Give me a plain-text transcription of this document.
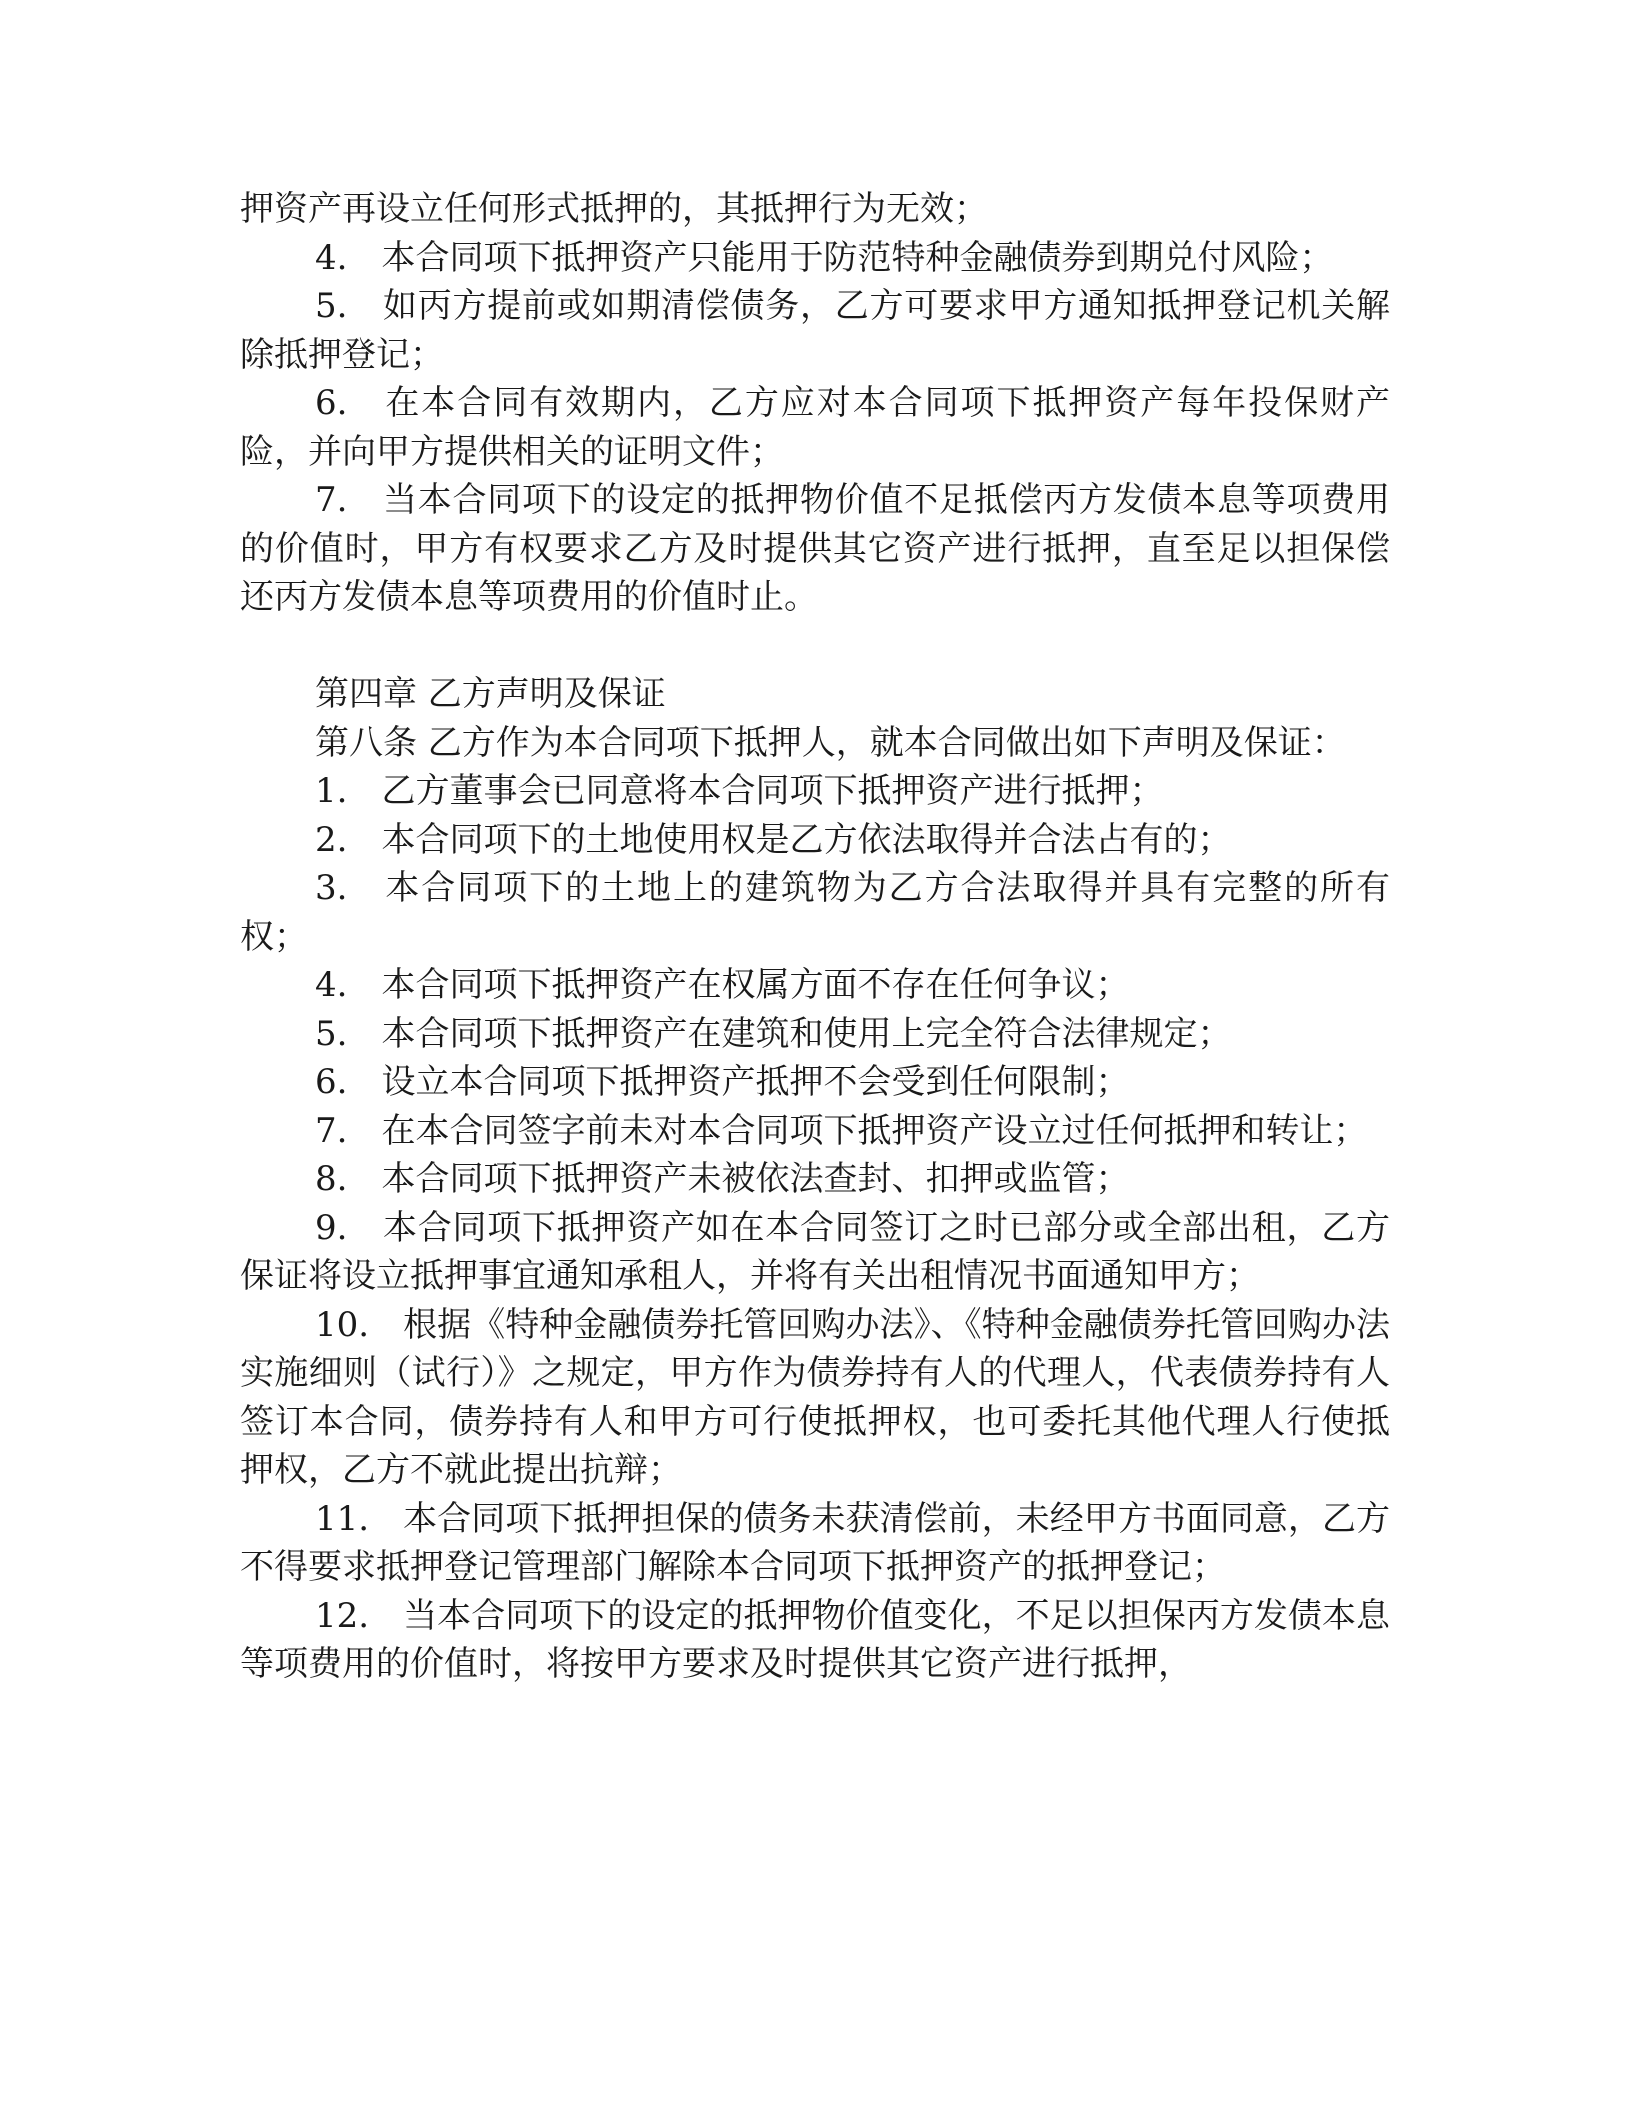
押资产再设立任何形式抵押的，其抵押行为无效；

4.　本合同项下抵押资产只能用于防范特种金融债券到期兑付风险；

5.　如丙方提前或如期清偿债务，乙方可要求甲方通知抵押登记机关解除抵押登记；

6.　在本合同有效期内，乙方应对本合同项下抵押资产每年投保财产险，并向甲方提供相关的证明文件；

7.　当本合同项下的设定的抵押物价值不足抵偿丙方发债本息等项费用的价值时，甲方有权要求乙方及时提供其它资产进行抵押，直至足以担保偿还丙方发债本息等项费用的价值时止。

第四章 乙方声明及保证

第八条 乙方作为本合同项下抵押人，就本合同做出如下声明及保证：

1.　乙方董事会已同意将本合同项下抵押资产进行抵押；

2.　本合同项下的土地使用权是乙方依法取得并合法占有的；

3.　本合同项下的土地上的建筑物为乙方合法取得并具有完整的所有权；

4.　本合同项下抵押资产在权属方面不存在任何争议；

5.　本合同项下抵押资产在建筑和使用上完全符合法律规定；

6.　设立本合同项下抵押资产抵押不会受到任何限制；

7.　在本合同签字前未对本合同项下抵押资产设立过任何抵押和转让；

8.　本合同项下抵押资产未被依法查封、扣押或监管；

9.　本合同项下抵押资产如在本合同签订之时已部分或全部出租，乙方保证将设立抵押事宜通知承租人，并将有关出租情况书面通知甲方；

10.　根据《特种金融债券托管回购办法》、《特种金融债券托管回购办法实施细则（试行）》之规定，甲方作为债券持有人的代理人，代表债券持有人签订本合同，债券持有人和甲方可行使抵押权，也可委托其他代理人行使抵押权，乙方不就此提出抗辩；

11.　本合同项下抵押担保的债务未获清偿前，未经甲方书面同意，乙方不得要求抵押登记管理部门解除本合同项下抵押资产的抵押登记；

12.　当本合同项下的设定的抵押物价值变化，不足以担保丙方发债本息等项费用的价值时，将按甲方要求及时提供其它资产进行抵押，
